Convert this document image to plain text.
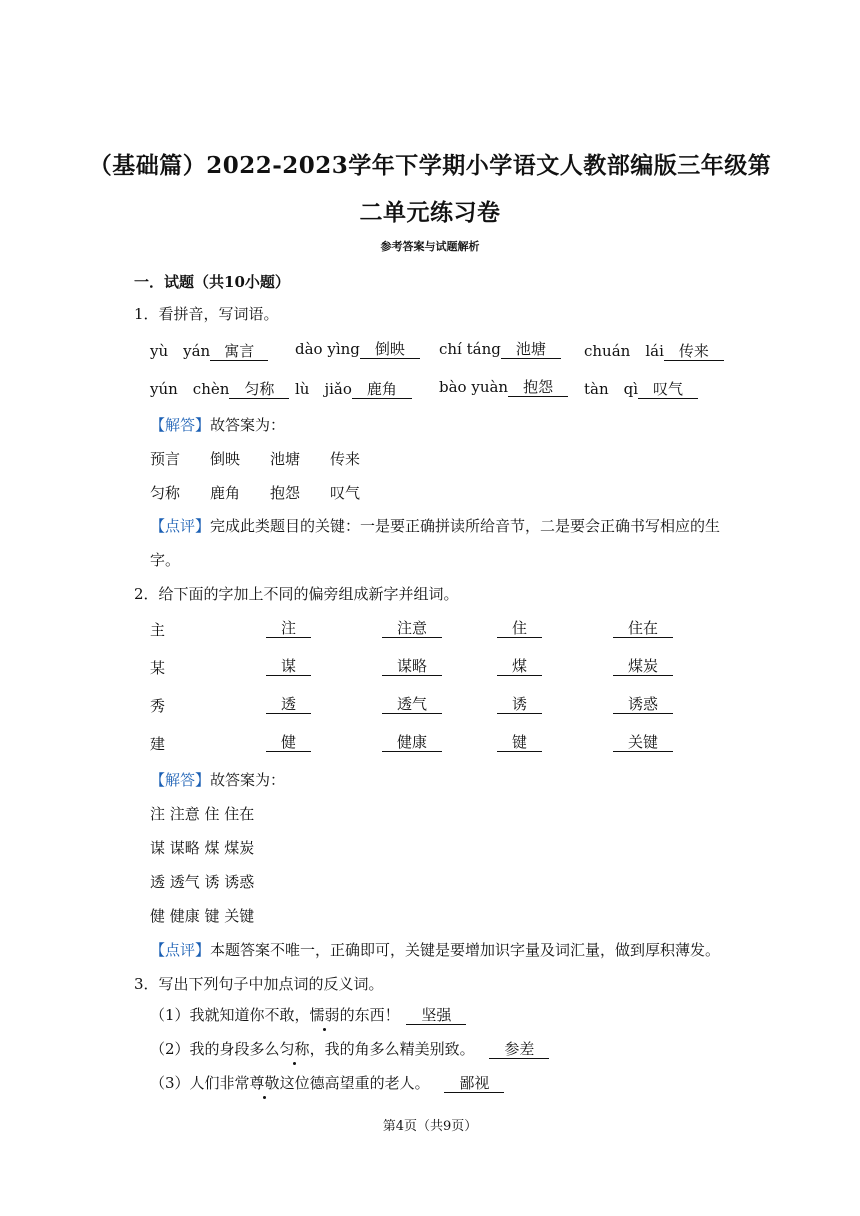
（基础篇）2022-2023学年下学期小学语文人教部编版三年级第
二单元练习卷
参考答案与试题解析
一．试题（共10小题）
1．看拼音，写词语。
yù　yán 寓言	dào yìng 倒映	chí táng 池塘	chuán　lái 传来
yún　chèn 匀称	lù　jiǎo 鹿角	bào yuàn 抱怨	tàn　qì 叹气
【解答】故答案为：
预言　　倒映　　池塘　　传来
匀称　　鹿角　　抱怨　　叹气
【点评】完成此类题目的关键：一是要正确拼读所给音节，二是要会正确书写相应的生
字。
2．给下面的字加上不同的偏旁组成新字并组词。
主	注	注意	住	住在
某	谋	谋略	煤	煤炭
秀	透	透气	诱	诱惑
建	健	健康	键	关键
【解答】故答案为：
注 注意 住 住在
谋 谋略 煤 煤炭
透 透气 诱 诱惑
健 健康 键 关键
【点评】本题答案不唯一，正确即可，关键是要增加识字量及词汇量，做到厚积薄发。
3．写出下列句子中加点词的反义词。
（1）我就知道你不敢，懦弱的东西！ 坚强
（2）我的身段多么匀称，我的角多么精美别致。 参差
（3）人们非常尊敬这位德高望重的老人。 鄙视
第4页（共9页）
